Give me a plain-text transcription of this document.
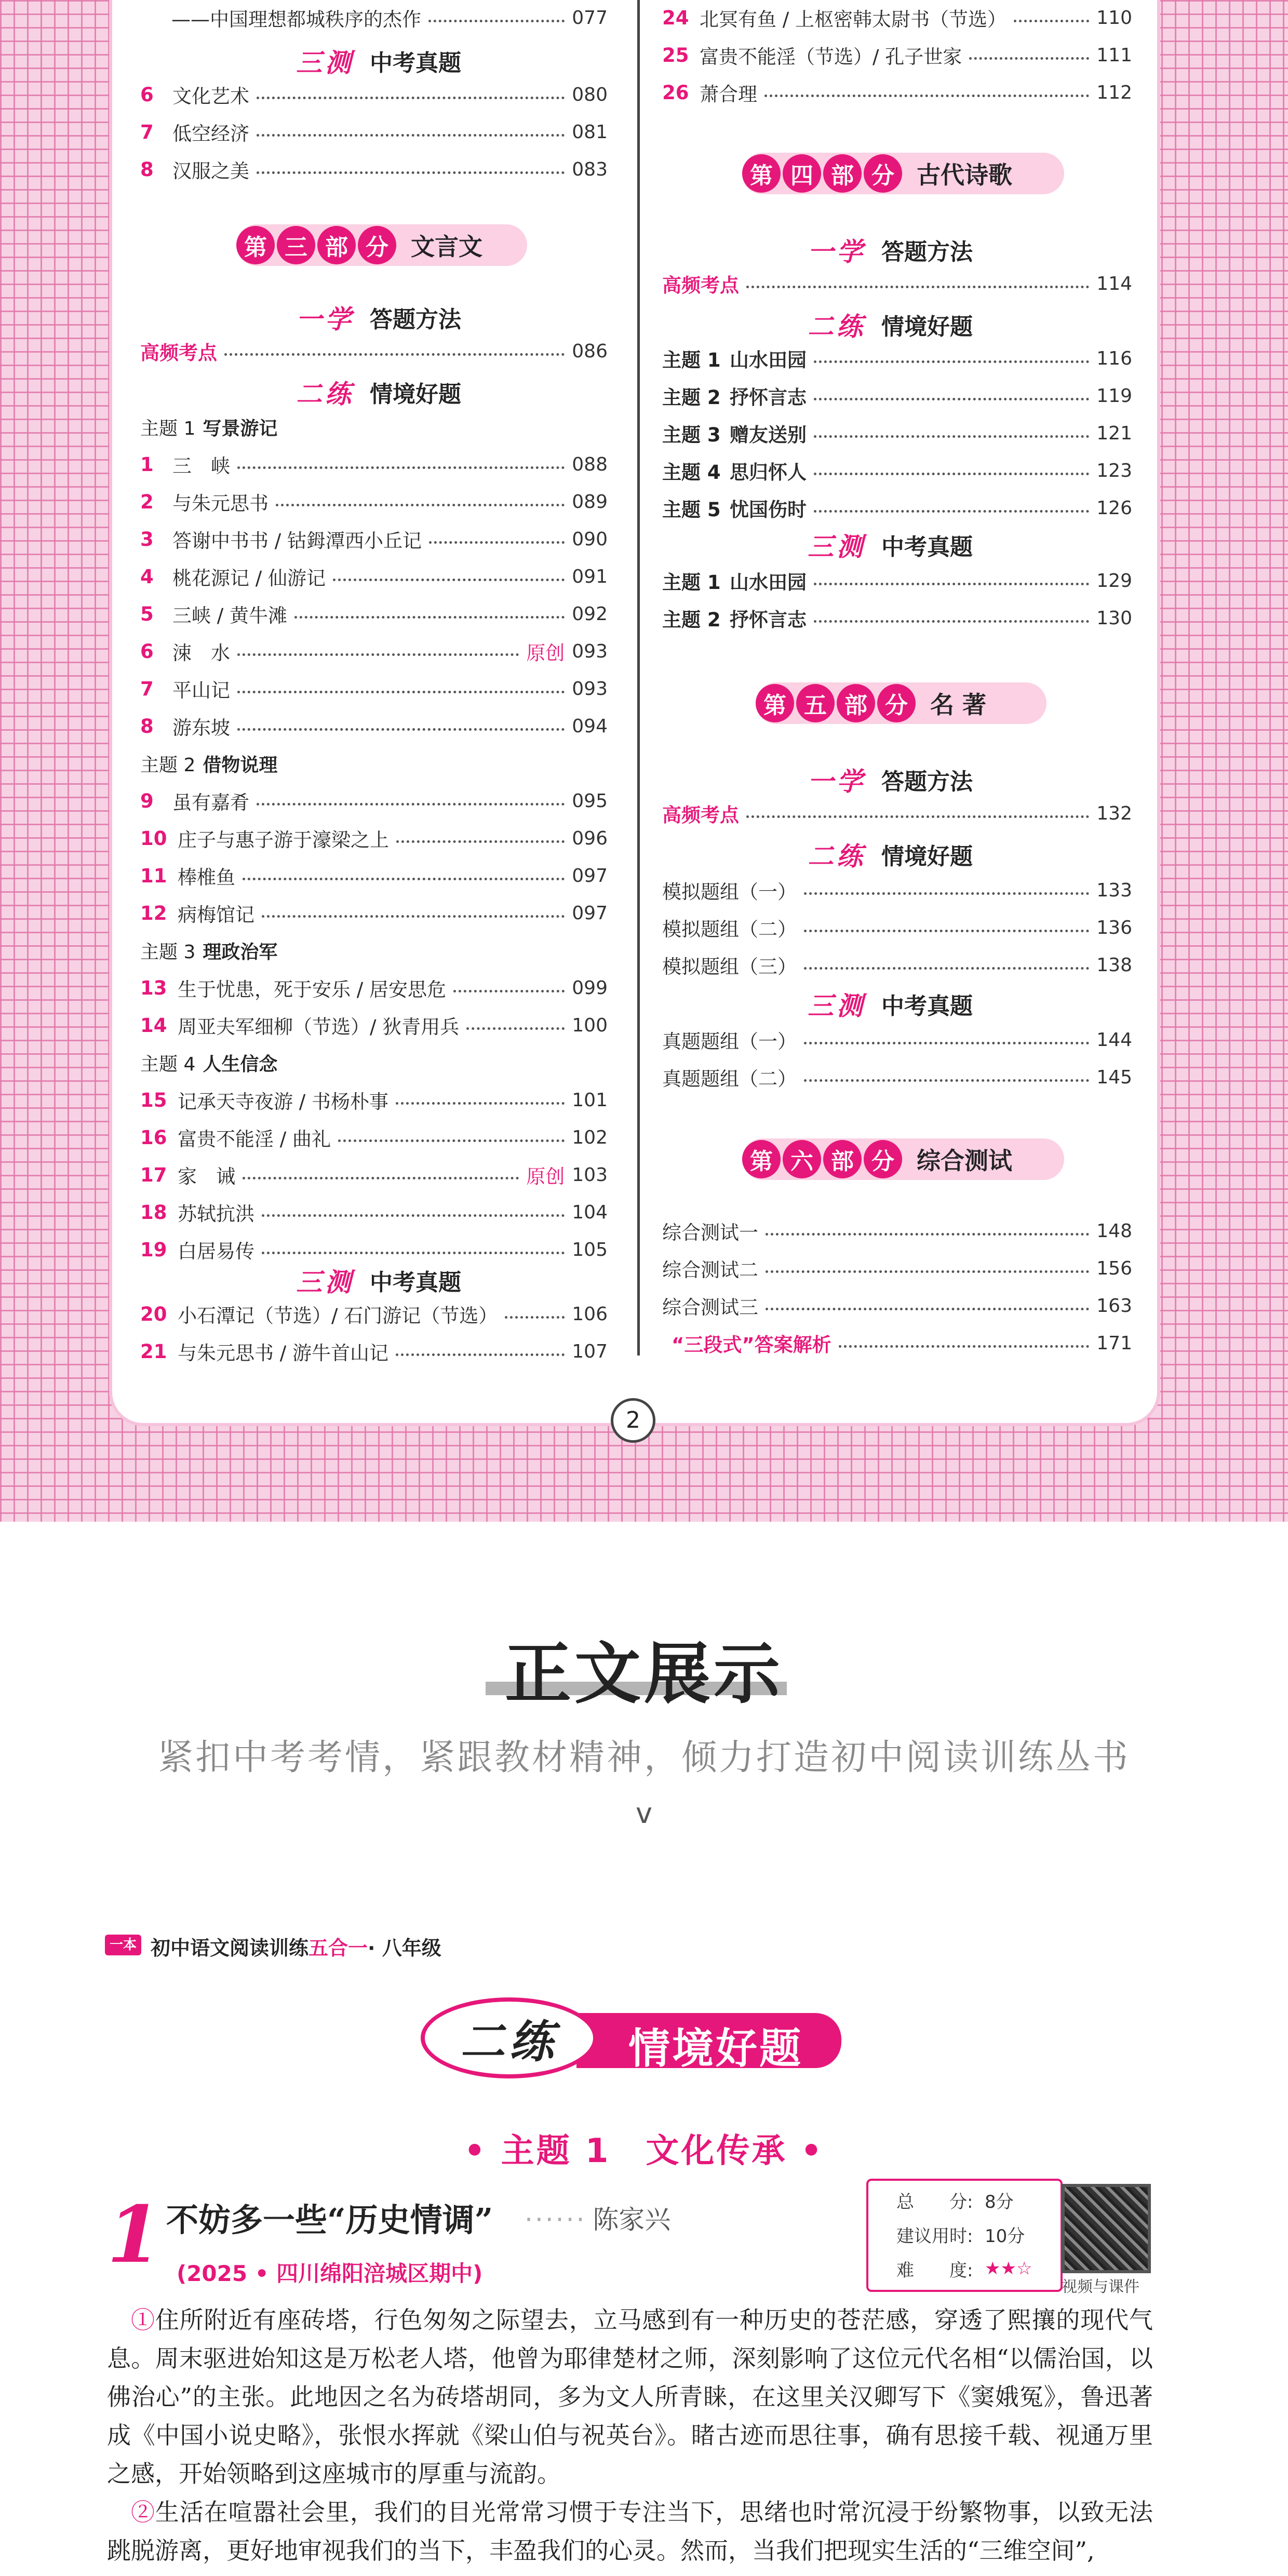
——中国理想都城秩序的杰作	077
三测 中考真题
6 文化艺术	080
7 低空经济	081
8 汉服之美	083
第 三 部 分 文言文
一学 答题方法
高频考点	086
二练 情境好题
主题 1 写景游记
1 三　峡	088
2 与朱元思书	089
3 答谢中书书 / 钴鉧潭西小丘记	090
4 桃花源记 / 仙游记	091
5 三峡 / 黄牛滩	092
6 涑　水	原创 093
7 平山记	093
8 游东坡	094
主题 2 借物说理
9 虽有嘉肴	095
10 庄子与惠子游于濠梁之上	096
11 棒椎鱼	097
12 病梅馆记	097
主题 3 理政治军
13 生于忧患，死于安乐 / 居安思危	099
14 周亚夫军细柳（节选）/ 狄青用兵	100
主题 4 人生信念
15 记承天寺夜游 / 书杨朴事	101
16 富贵不能淫 / 曲礼	102
17 家　诫	原创 103
18 苏轼抗洪	104
19 白居易传	105
三测 中考真题
20 小石潭记（节选）/ 石门游记（节选）	106
21 与朱元思书 / 游牛首山记	107
24 北冥有鱼 / 上枢密韩太尉书（节选）	110
25 富贵不能淫（节选）/ 孔子世家	111
26 萧合理	112
第 四 部 分 古代诗歌
一学 答题方法
高频考点	114
二练 情境好题
主题 1 山水田园	116
主题 2 抒怀言志	119
主题 3 赠友送别	121
主题 4 思归怀人	123
主题 5 忧国伤时	126
三测 中考真题
主题 1 山水田园	129
主题 2 抒怀言志	130
第 五 部 分 名 著
一学 答题方法
高频考点	132
二练 情境好题
模拟题组（一）	133
模拟题组（二）	136
模拟题组（三）	138
三测 中考真题
真题题组（一）	144
真题题组（二）	145
第 六 部 分 综合测试
综合测试一	148
综合测试二	156
综合测试三	163
“三段式”答案解析	171
2
正文展示
紧扣中考考情，紧跟教材精神，倾力打造初中阅读训练丛书
v
一本 初中语文阅读训练五合一· 八年级
二练	情境好题
• 主题 1　文化传承 •
1 不妨多一些“历史情调” ······ 陈家兴
(2025 • 四川绵阳涪城区期中)
总　　分: 8分
建议用时: 10分
难　　度: ★★☆
视频与课件
①住所附近有座砖塔，行色匆匆之际望去，立马感到有一种历史的苍茫感，穿透了熙攘的现代气息。周末驱进始知这是万松老人塔，他曾为耶律楚材之师，深刻影响了这位元代名相“以儒治国，以佛治心”的主张。此地因之名为砖塔胡同，多为文人所青睐，在这里关汉卿写下《窦娥冤》，鲁迅著成《中国小说史略》，张恨水挥就《梁山伯与祝英台》。睹古迹而思往事，确有思接千载、视通万里之感，开始领略到这座城市的厚重与流韵。
②生活在喧嚣社会里，我们的目光常常习惯于专注当下，思绪也时常沉浸于纷繁物事，以致无法跳脱游离，更好地审视我们的当下，丰盈我们的心灵。然而，当我们把现实生活的“三维空间”,
